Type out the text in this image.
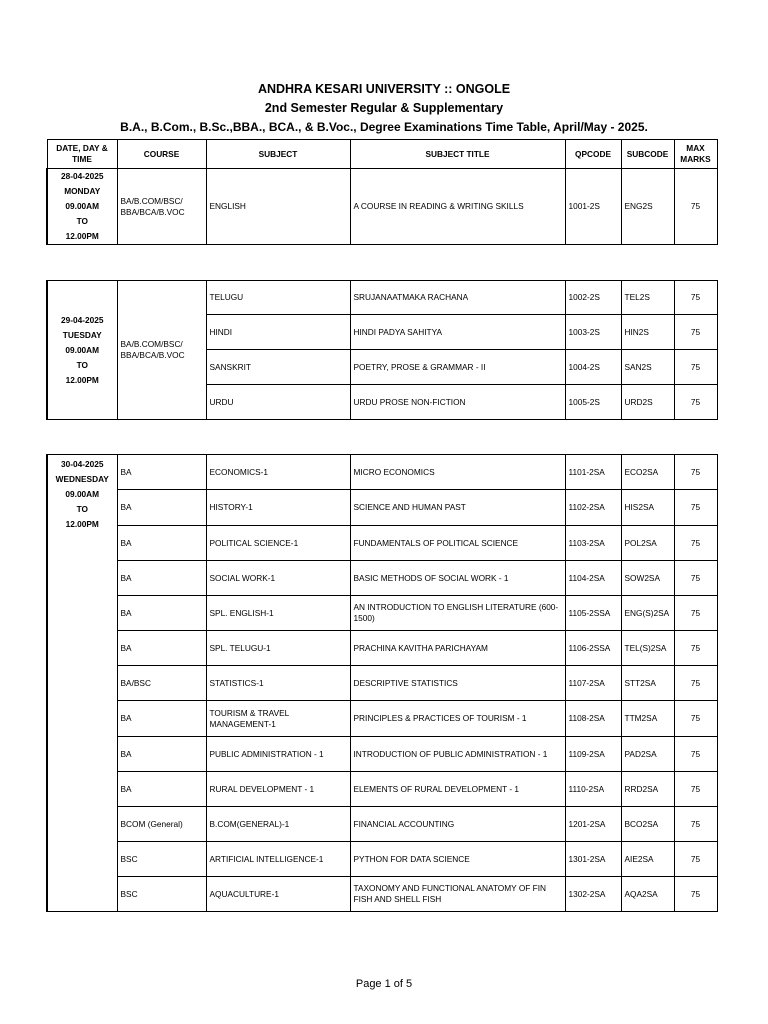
ANDHRA KESARI UNIVERSITY :: ONGOLE
2nd Semester Regular & Supplementary
B.A., B.Com., B.Sc.,BBA., BCA., & B.Voc., Degree Examinations Time Table, April/May - 2025.
DATE, DAY & TIME	COURSE	SUBJECT	SUBJECT TITLE	QPCODE	SUBCODE	MAX MARKS

28-04-2025
MONDAY
09.00AM
TO
12.00PM	BA/B.COM/BSC/ BBA/BCA/B.VOC	ENGLISH	A COURSE IN READING & WRITING SKILLS	1001-2S	ENG2S	75
29-04-2025
TUESDAY
09.00AM
TO
12.00PM	BA/B.COM/BSC/ BBA/BCA/B.VOC	TELUGU	SRUJANAATMAKA RACHANA	1002-2S	TEL2S	75
		HINDI	HINDI PADYA SAHITYA	1003-2S	HIN2S	75
		SANSKRIT	POETRY, PROSE & GRAMMAR - II	1004-2S	SAN2S	75
		URDU	URDU PROSE NON-FICTION	1005-2S	URD2S	75
30-04-2025
WEDNESDAY
09.00AM
TO
12.00PM	BA	ECONOMICS-1	MICRO ECONOMICS	1101-2SA	ECO2SA	75
	BA	HISTORY-1	SCIENCE AND HUMAN PAST	1102-2SA	HIS2SA	75
	BA	POLITICAL SCIENCE-1	FUNDAMENTALS OF POLITICAL SCIENCE	1103-2SA	POL2SA	75
	BA	SOCIAL WORK-1	BASIC METHODS OF SOCIAL WORK - 1	1104-2SA	SOW2SA	75
	BA	SPL. ENGLISH-1	AN INTRODUCTION TO ENGLISH LITERATURE (600-1500)	1105-2SSA	ENG(S)2SA	75
	BA	SPL. TELUGU-1	PRACHINA KAVITHA PARICHAYAM	1106-2SSA	TEL(S)2SA	75
	BA/BSC	STATISTICS-1	DESCRIPTIVE STATISTICS	1107-2SA	STT2SA	75
	BA	TOURISM & TRAVEL MANAGEMENT-1	PRINCIPLES & PRACTICES OF TOURISM - 1	1108-2SA	TTM2SA	75
	BA	PUBLIC ADMINISTRATION - 1	INTRODUCTION OF PUBLIC ADMINISTRATION - 1	1109-2SA	PAD2SA	75
	BA	RURAL DEVELOPMENT - 1	ELEMENTS OF RURAL DEVELOPMENT - 1	1110-2SA	RRD2SA	75
	BCOM (General)	B.COM(GENERAL)-1	FINANCIAL ACCOUNTING	1201-2SA	BCO2SA	75
	BSC	ARTIFICIAL INTELLIGENCE-1	PYTHON FOR DATA SCIENCE	1301-2SA	AIE2SA	75
	BSC	AQUACULTURE-1	TAXONOMY AND FUNCTIONAL ANATOMY OF FIN FISH AND SHELL FISH	1302-2SA	AQA2SA	75
Page 1 of 5
